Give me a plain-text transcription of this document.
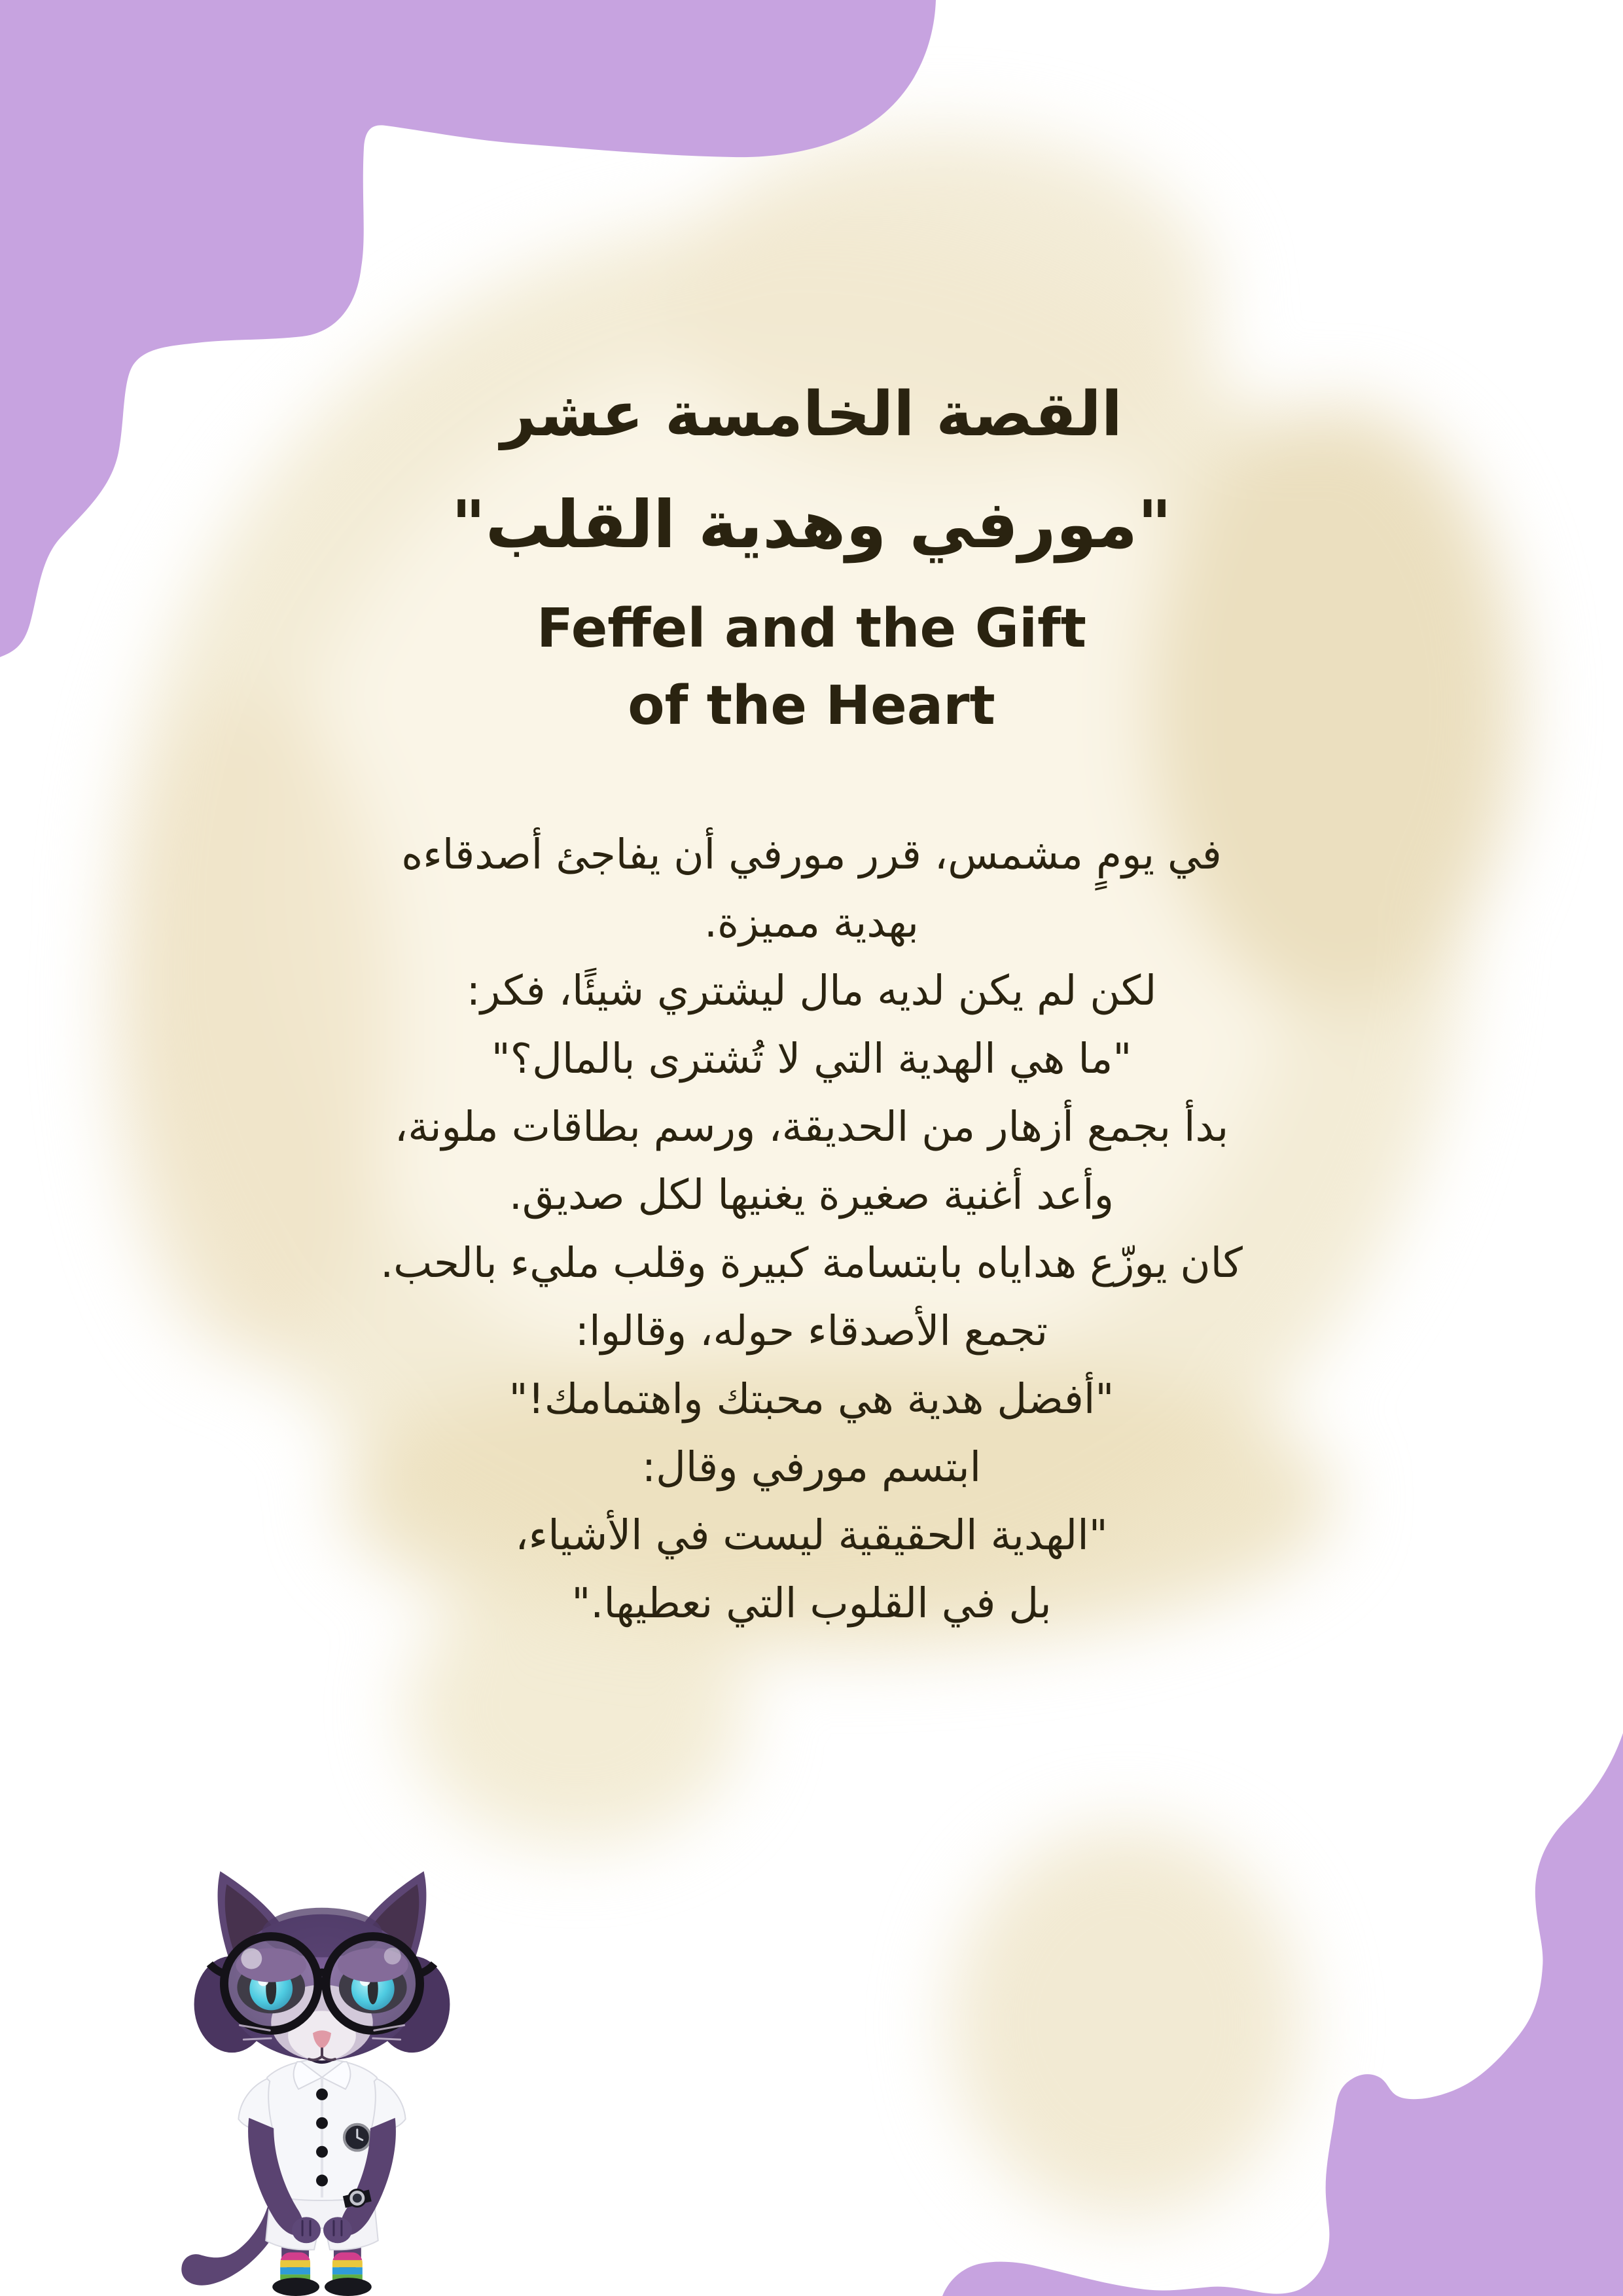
القصة الخامسة عشر
"مورفي وهدية القلب"
Feffel and the Gift
of the Heart
في يومٍ مشمس، قرر مورفي أن يفاجئ أصدقاءه
بهدية مميزة.
لكن لم يكن لديه مال ليشتري شيئًا، فكر:
"ما هي الهدية التي لا تُشترى بالمال؟"
بدأ بجمع أزهار من الحديقة، ورسم بطاقات ملونة،
وأعد أغنية صغيرة يغنيها لكل صديق.
كان يوزّع هداياه بابتسامة كبيرة وقلب مليء بالحب.
تجمع الأصدقاء حوله، وقالوا:
"أفضل هدية هي محبتك واهتمامك!"
ابتسم مورفي وقال:
"الهدية الحقيقية ليست في الأشياء،
بل في القلوب التي نعطيها."
